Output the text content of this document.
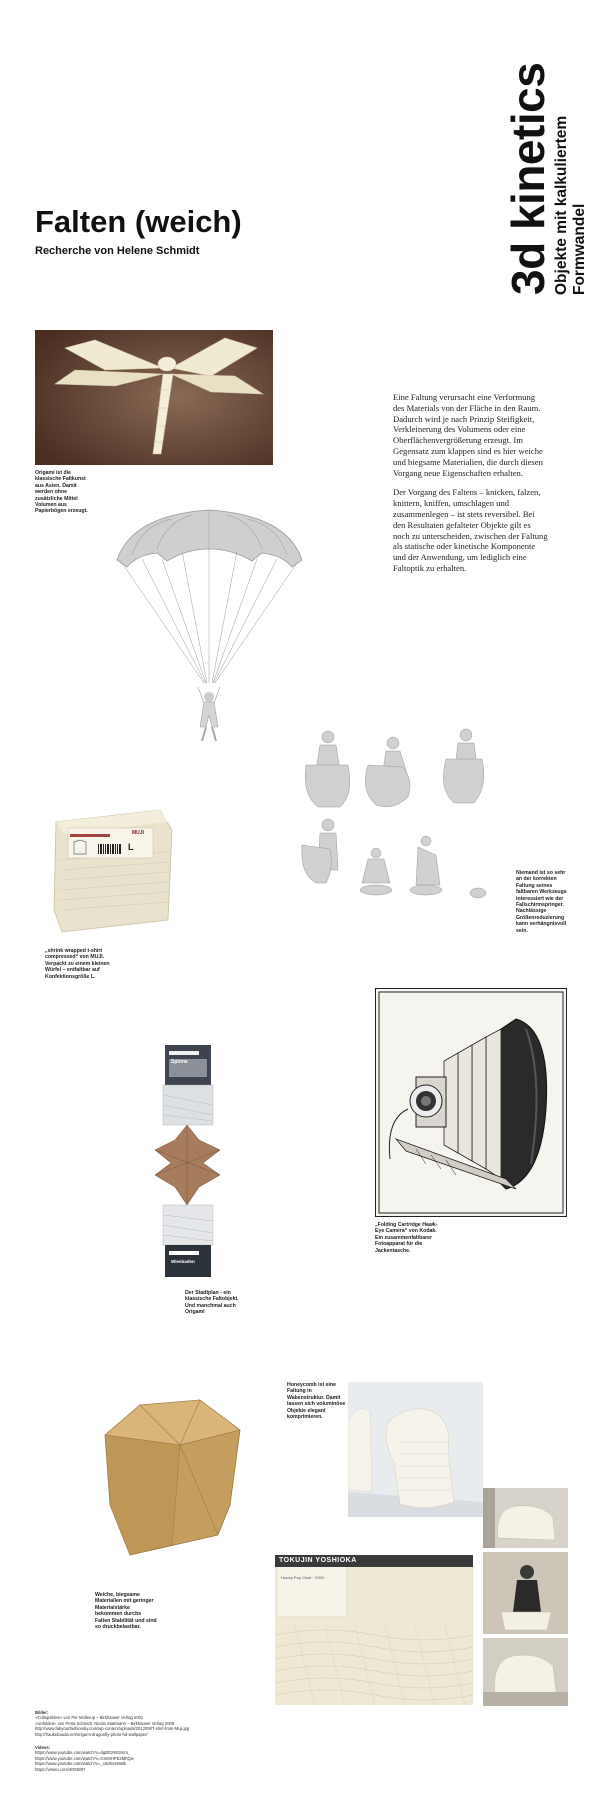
3d kinetics Objekte mit kalkuliertem Formwandel
Falten (weich)
Recherche von Helene Schmidt
Origami ist die klassische Faltkunst aus Asien. Damit werden ohne zusätzliche Mittel Volumen aus Papierbögen erzeugt.

Eine Faltung verursacht eine Verformung des Materials von der Fläche in den Raum. Dadurch wird je nach Prinzip Steifigkeit, Verkleinerung des Volumens oder eine Oberflächenvergrößerung erzeugt. Im Gegensatz zum klappen sind es hier weiche und biegsame Materialien, die durch diesen Vorgang neue Eigenschaften erhalten.

Der Vorgang des Faltens – knicken, falzen, knittern, kniffen, umschlagen und zusammenlegen – ist stets reversibel. Bei den Resultaten gefalteter Objekte gilt es noch zu unterscheiden, zwischen der Faltung als statische oder kinetische Komponente und der Anwendung, um lediglich eine Faltoptik zu erhalten.

Niemand ist so sehr an der korrekten Faltung seines faltbaren Werkzeugs interessiert wie der Fallschirmspringer. Nachlässige Größenreduzierung kann verhängnisvoll sein.
MUJI
L
„shrink wrapped t-shirt compressed“ von MUJI. Verpackt zu einem kleinen Würfel – entfaltbar auf Konfektionsgröße L.
„Folding Cartridge Hawk-Eye Camera“ von Kodak. Ein zusammenfaltbarer Fotoapparat für die Jackentasche.
Spione
Wiesbaden
Der Stadtplan - ein klassische Faltobjekt. Und manchmal auch Origami
Honeycomb ist eine Faltung in Wabenstruktur. Damit lassen sich voluminöse Objekte elegant komprimieren.
Weiche, biegsame Materialien mit geringer Materialstärke bekommen durchs Falten Stabilität und sind so druckbelastbar.
TOKUJIN YOSHIOKA
Honey-Pop Chair · 2000
Bilder:
»Collapsibles« von Per Mollerup – Birkhäuser Verlag 2001
»Unfolded« von Petra Schmidt, Nicola Stattmann – Birkhäuser Verlag 2009
http://www.fabyourfashiondiy.com/wp-content/uploads/2012/08/T-shirt-from-Muji.jpg
http://fraukebauda.net/origami-dragonfly-photo-hd-wallpaper/
Videos:
https://www.youtube.com/watch?v=dgBDzWGIKro
https://www.youtube.com/watch?v=GmMHPE2MhQw
https://www.youtube.com/watch?v=_c6cl9xrs5Mk
https://vimeo.com/4003897
